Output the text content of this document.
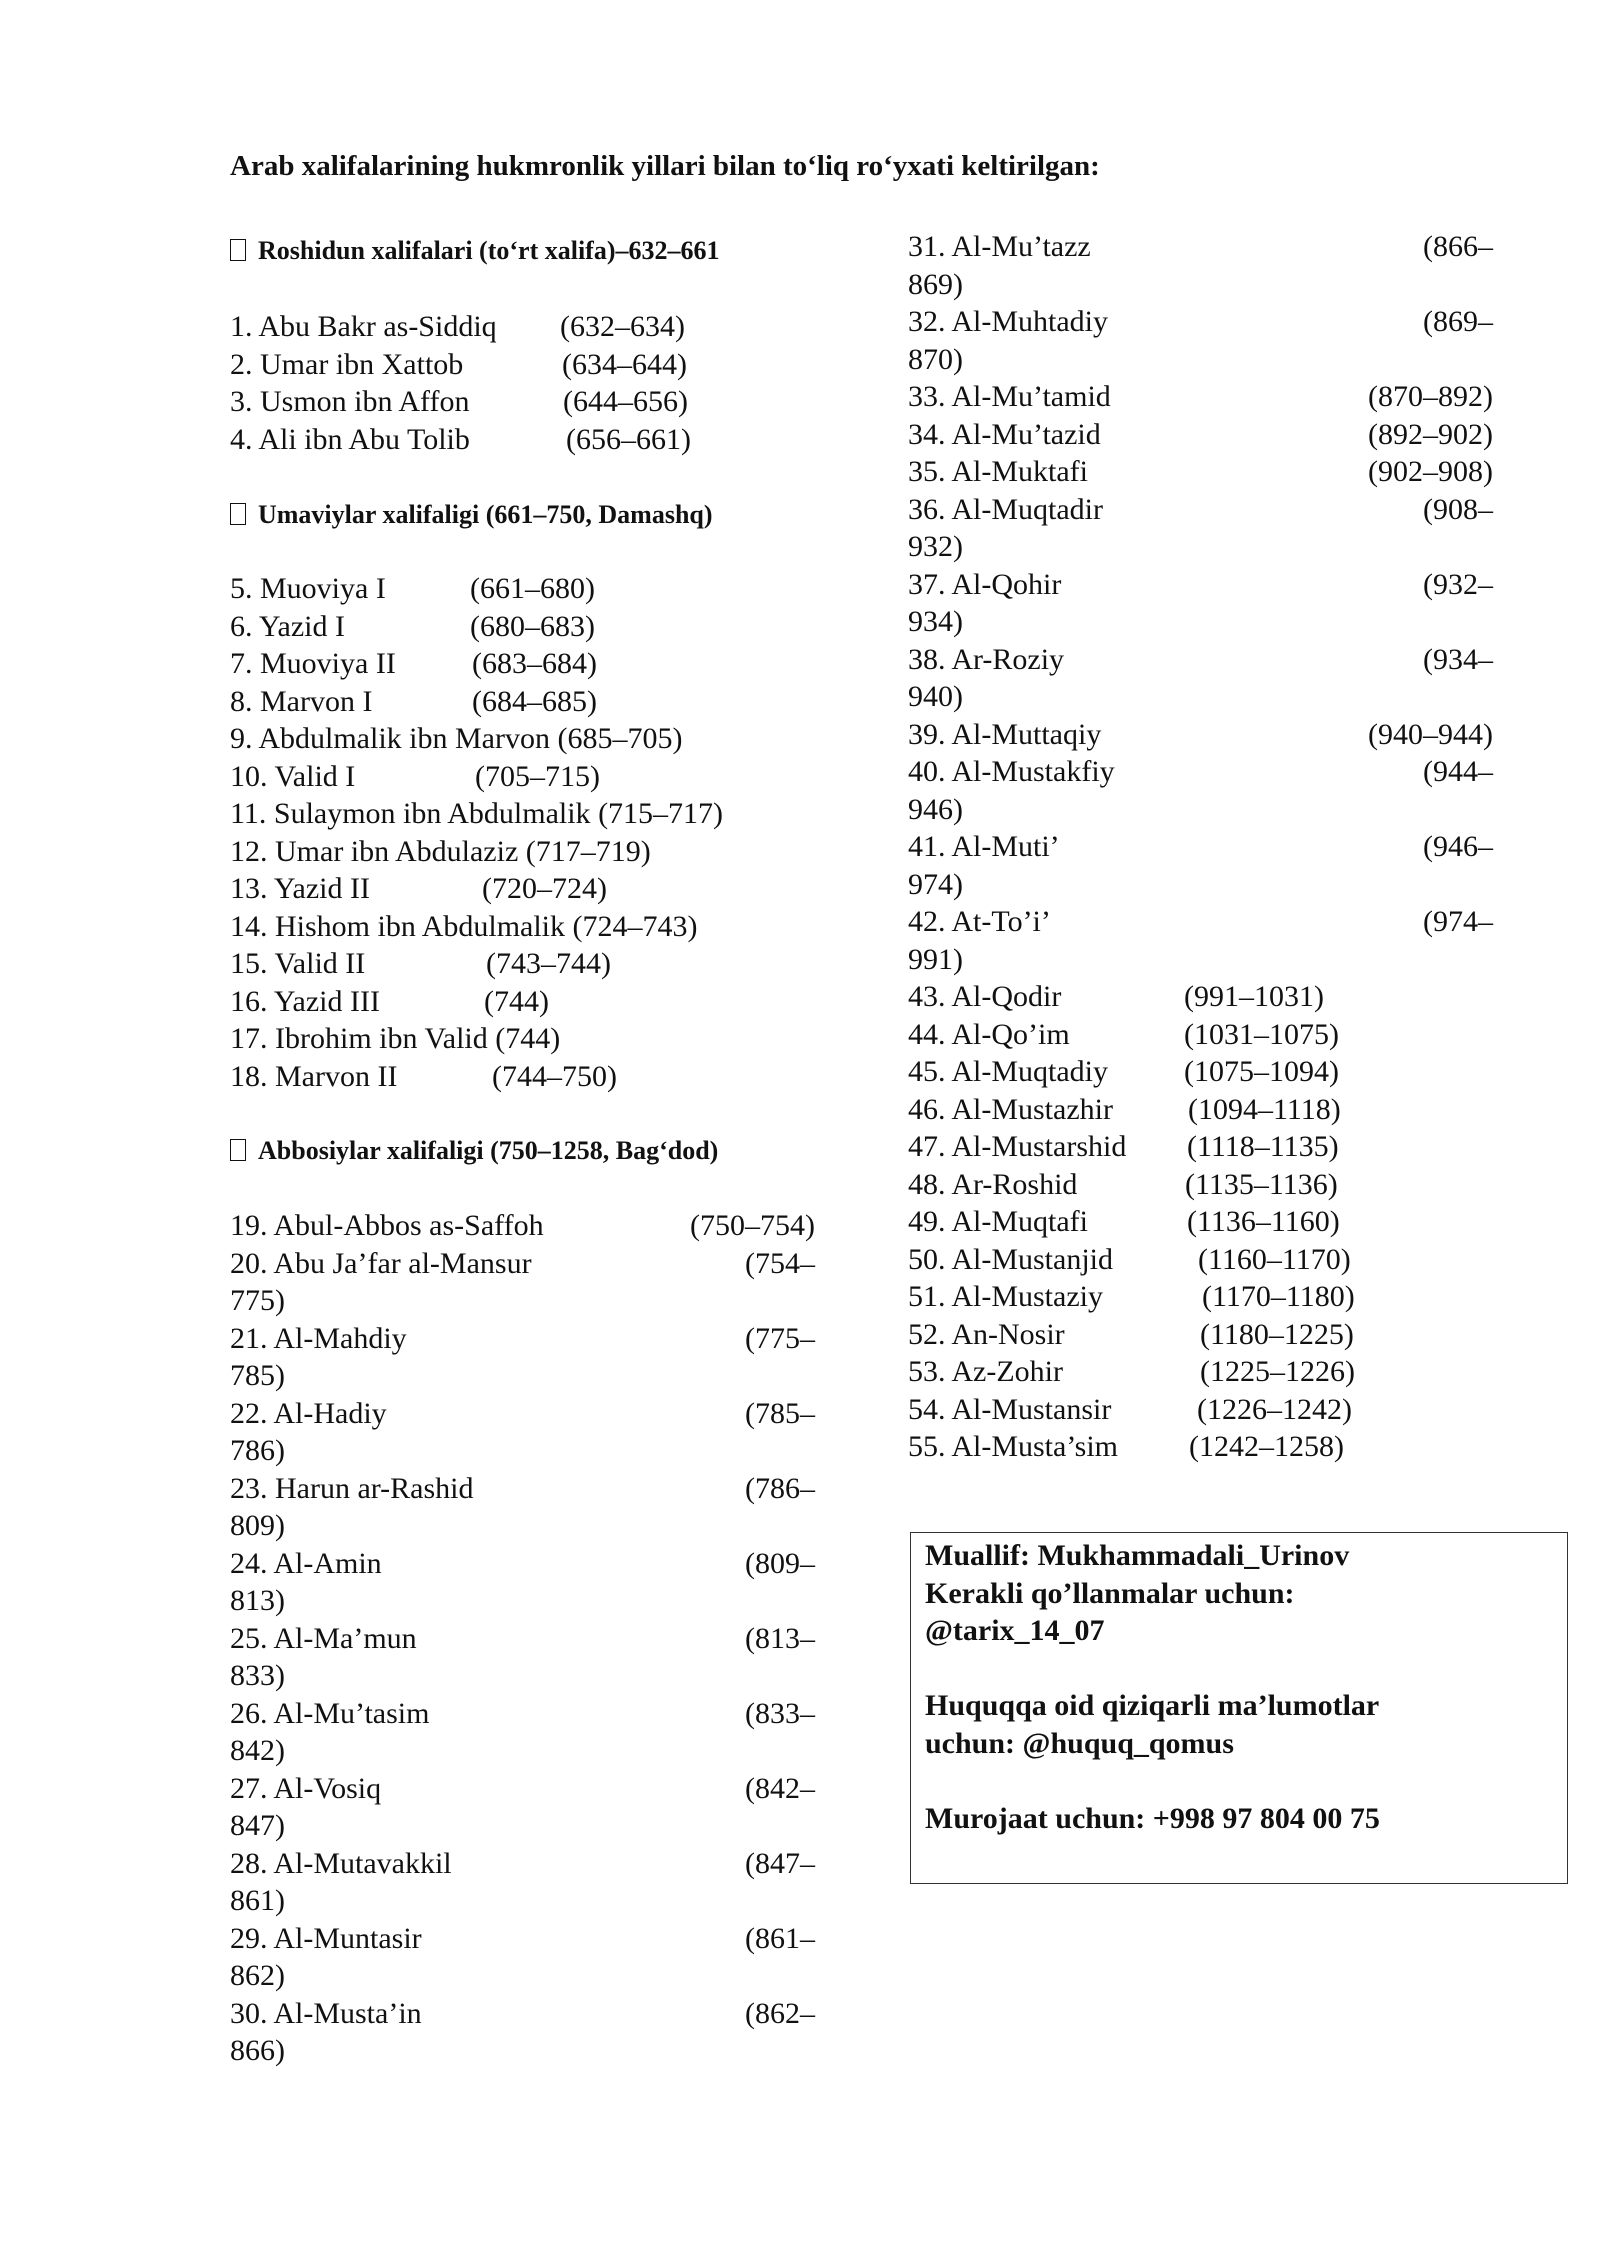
Arab xalifalarining hukmronlik yillari bilan to‘liq ro‘yxati keltirilgan:
Roshidun xalifalari (to‘rt xalifa)–632–661
1. Abu Bakr as-Siddiq (632–634)
2. Umar ibn Xattob	(634–644)
3. Usmon ibn Affon	(644–656)
4. Ali ibn Abu Tolib	(656–661)
Umaviylar xalifaligi (661–750, Damashq)
5. Muoviya I	(661–680)
6. Yazid I	(680–683)
7. Muoviya II	(683–684)
8. Marvon I	(684–685)
9. Abdulmalik ibn Marvon (685–705)
10. Valid I	(705–715)
11. Sulaymon ibn Abdulmalik (715–717)
12. Umar ibn Abdulaziz (717–719)
13. Yazid II	(720–724)
14. Hishom ibn Abdulmalik (724–743)
15. Valid II	(743–744)
16. Yazid III	(744)
17. Ibrohim ibn Valid (744)
18. Marvon II	(744–750)
Abbosiylar xalifaligi (750–1258, Bag‘dod)
19. Abul-Abbos as-Saffoh	(750–754)
20. Abu Ja’far al-Mansur	(754–
775)
21. Al-Mahdiy	(775–
785)
22. Al-Hadiy	(785–
786)
23. Harun ar-Rashid	(786–
809)
24. Al-Amin	(809–
813)
25. Al-Ma’mun	(813–
833)
26. Al-Mu’tasim	(833–
842)
27. Al-Vosiq	(842–
847)
28. Al-Mutavakkil	(847–
861)
29. Al-Muntasir	(861–
862)
30. Al-Musta’in	(862–
866)
31. Al-Mu’tazz	(866–
869)
32. Al-Muhtadiy	(869–
870)
33. Al-Mu’tamid	(870–892)
34. Al-Mu’tazid	(892–902)
35. Al-Muktafi	(902–908)
36. Al-Muqtadir	(908–
932)
37. Al-Qohir	(932–
934)
38. Ar-Roziy	(934–
940)
39. Al-Muttaqiy	(940–944)
40. Al-Mustakfiy	(944–
946)
41. Al-Muti’	(946–
974)
42. At-To’i’	(974–
991)
43. Al-Qodir	(991–1031)
44. Al-Qo’im	(1031–1075)
45. Al-Muqtadiy	(1075–1094)
46. Al-Mustazhir	(1094–1118)
47. Al-Mustarshid (1118–1135)
48. Ar-Roshid	(1135–1136)
49. Al-Muqtafi	(1136–1160)
50. Al-Mustanjid	(1160–1170)
51. Al-Mustaziy	(1170–1180)
52. An-Nosir	(1180–1225)
53. Az-Zohir	(1225–1226)
54. Al-Mustansir	(1226–1242)
55. Al-Musta’sim (1242–1258)
Muallif: Mukhammadali_Urinov
Kerakli qo’llanmalar uchun:
@tarix_14_07
Huquqqa oid qiziqarli ma’lumotlar
uchun: @huquq_qomus
Murojaat uchun: +998 97 804 00 75
